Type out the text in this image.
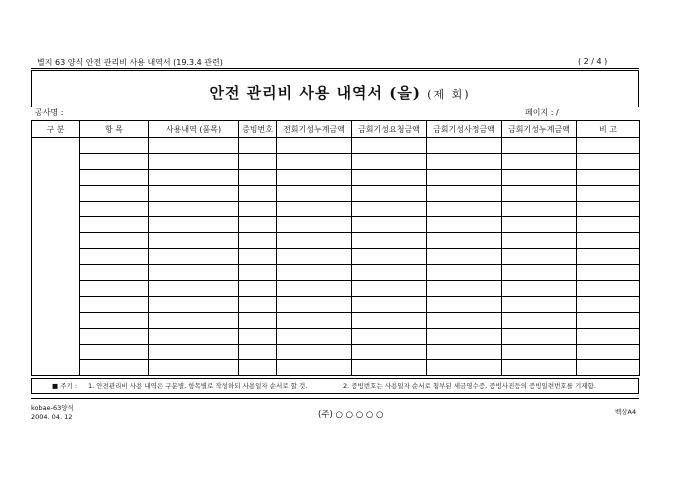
별지 63 양식 안전 관리비 사용 내역서 (19.3.4 관련)	( 2 / 4 )
안전 관리비 사용 내역서 (을) (제 회)
공사명 :	페이지 : /
구 분	항 목	사용내역 (품목)	증빙번호	전회기성누계금액	금회기성요청금액	금회기성사정금액	금회기성누계금액	비 고

■ 주기 : 1. 안전관리비 사용 내역은 구분별, 항목별로 작성하되 사용일자 순서로 할 것.	2. 증빙번호는 사용일자 순서로 첨부된 세금영수증, 증빙사진등의 증빙일련번호를 기재함.
kobae-63양식
2004. 04. 12	(주) ○ ○ ○ ○ ○	백상A4
